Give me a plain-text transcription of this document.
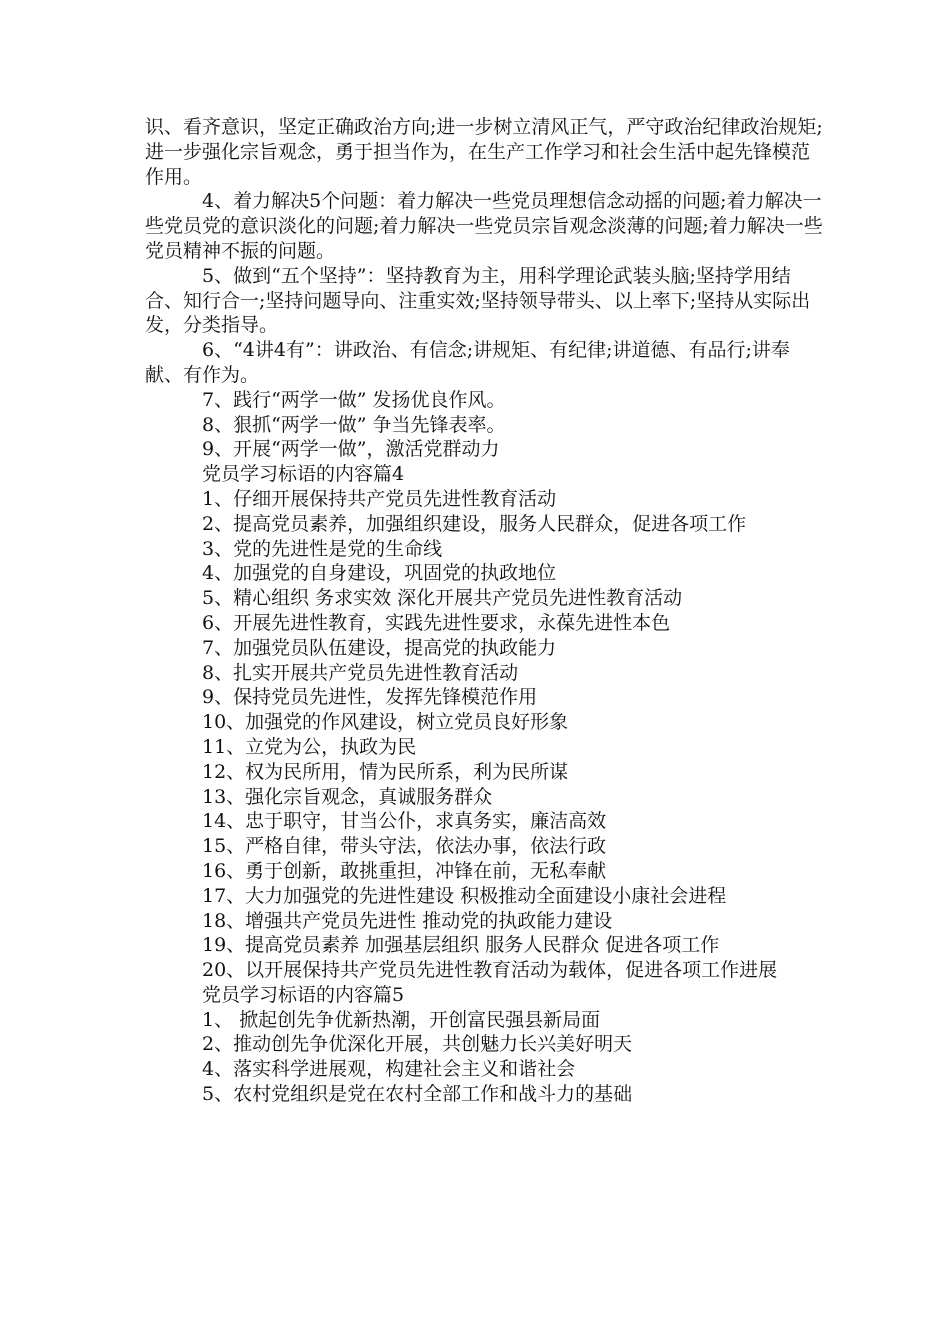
识、看齐意识，坚定正确政治方向;进一步树立清风正气，严守政治纪律政治规矩;进一步强化宗旨观念，勇于担当作为，在生产工作学习和社会生活中起先锋模范作用。

4、着力解决5个问题：着力解决一些党员理想信念动摇的问题;着力解决一些党员党的意识淡化的问题;着力解决一些党员宗旨观念淡薄的问题;着力解决一些党员精神不振的问题。

5、做到“五个坚持”：坚持教育为主，用科学理论武装头脑;坚持学用结合、知行合一;坚持问题导向、注重实效;坚持领导带头、以上率下;坚持从实际出发，分类指导。

6、“4讲4有”：讲政治、有信念;讲规矩、有纪律;讲道德、有品行;讲奉献、有作为。

7、践行“两学一做” 发扬优良作风。

8、狠抓“两学一做” 争当先锋表率。

9、开展“两学一做”，激活党群动力

党员学习标语的内容篇4

1、仔细开展保持共产党员先进性教育活动

2、提高党员素养，加强组织建设，服务人民群众，促进各项工作

3、党的先进性是党的生命线

4、加强党的自身建设，巩固党的执政地位

5、精心组织 务求实效 深化开展共产党员先进性教育活动

6、开展先进性教育，实践先进性要求，永葆先进性本色

7、加强党员队伍建设，提高党的执政能力

8、扎实开展共产党员先进性教育活动

9、保持党员先进性，发挥先锋模范作用

10、加强党的作风建设，树立党员良好形象

11、立党为公，执政为民

12、权为民所用，情为民所系，利为民所谋

13、强化宗旨观念，真诚服务群众

14、忠于职守，甘当公仆，求真务实，廉洁高效

15、严格自律，带头守法，依法办事，依法行政

16、勇于创新，敢挑重担，冲锋在前，无私奉献

17、大力加强党的先进性建设 积极推动全面建设小康社会进程

18、增强共产党员先进性 推动党的执政能力建设

19、提高党员素养 加强基层组织 服务人民群众 促进各项工作

20、以开展保持共产党员先进性教育活动为载体，促进各项工作进展

党员学习标语的内容篇5

1、 掀起创先争优新热潮，开创富民强县新局面

2、推动创先争优深化开展，共创魅力长兴美好明天

4、落实科学进展观，构建社会主义和谐社会

5、农村党组织是党在农村全部工作和战斗力的基础
